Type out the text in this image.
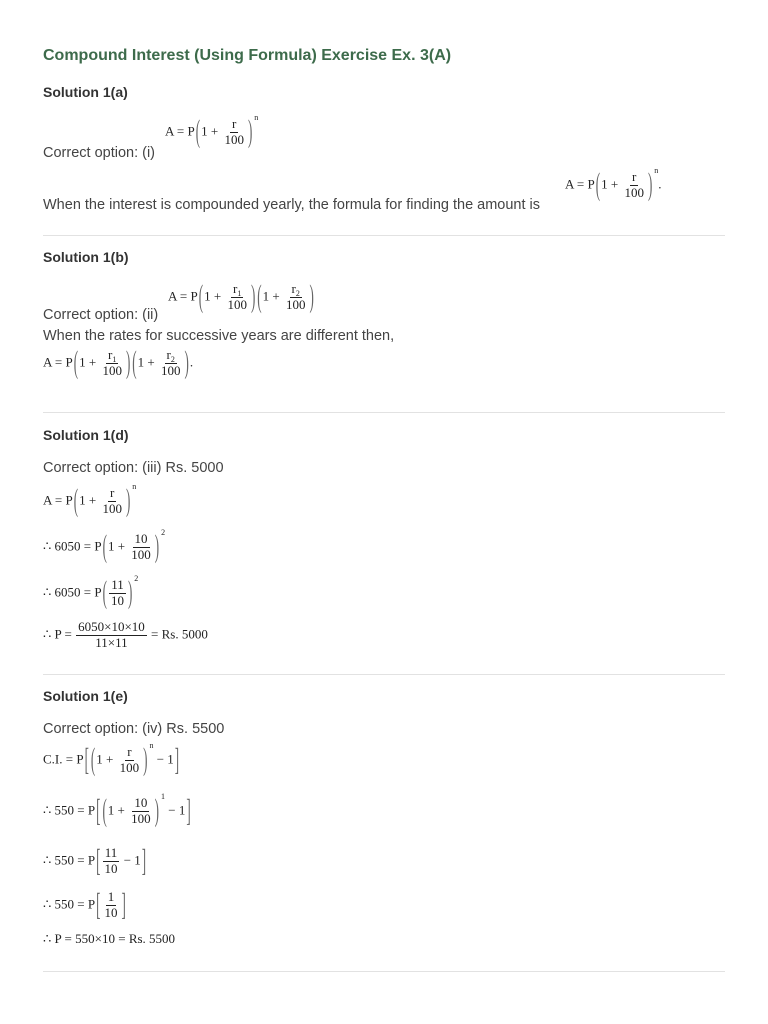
Compound Interest (Using Formula) Exercise Ex. 3(A)
Solution 1(a)
$A = P(1 + \frac{r}{100}$ ) $^n$
Correct option: (i)
When the interest is compounded yearly, the formula for finding the amount is
$A = P(1 + \frac{r}{100}$ ) $^n$.
Solution 1(b)
$A = P(1 + \frac{r_1}{100}$ ) ($1 + \frac{r_2}{100}$ )
Correct option: (ii)
When the rates for successive years are different then,
$A = P(1 + \frac{r_1}{100}$ ) ($1 + \frac{r_2}{100}$ ).
Solution 1(d)
Correct option: (iii) Rs. 5000
$A = P(1 + \frac{r}{100}$ ) $^n$
∴ $6050 = P(1 + \frac{10}{100}$ ) $^2$
∴ $6050 = P( \frac{11}{10}$ ) $^2$
∴ $P = \frac{6050\times 10\times 10}{11\times 11} = Rs$. 5000
Solution 1(e)
Correct option: (iv) Rs. 5500
C.I. = P[ ($1 + \frac{r}{100}$ ) $^n$ − 1]
∴ 550 = P[ ($1 + \frac{10}{100}$ ) $^1$ − 1]
∴ $550 = P[ \frac{11}{10} - 1]$
∴ $550 = P[ \frac{1}{10}$ ]
∴ P = 550×10 = Rs. 5500
